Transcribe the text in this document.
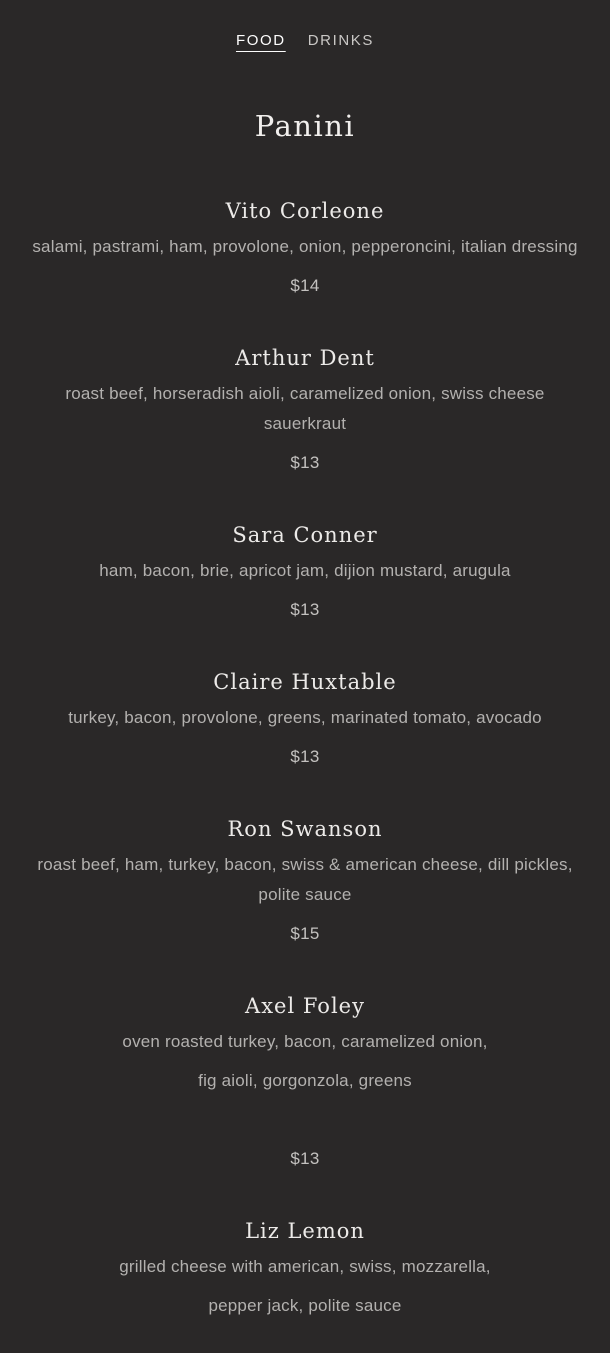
FOOD DRINKS
Panini
Vito Corleone

salami, pastrami, ham, provolone, onion, pepperoncini, italian dressing

$14

Arthur Dent

roast beef, horseradish aioli, caramelized onion, swiss cheese sauerkraut

$13

Sara Conner

ham, bacon, brie, apricot jam, dijion mustard, arugula

$13

Claire Huxtable

turkey, bacon, provolone, greens, marinated tomato, avocado

$13

Ron Swanson

roast beef, ham, turkey, bacon, swiss & american cheese, dill pickles, polite sauce

$15

Axel Foley

oven roasted turkey, bacon, caramelized onion,

fig aioli, gorgonzola, greens

$13

Liz Lemon

grilled cheese with american, swiss, mozzarella,

pepper jack, polite sauce
